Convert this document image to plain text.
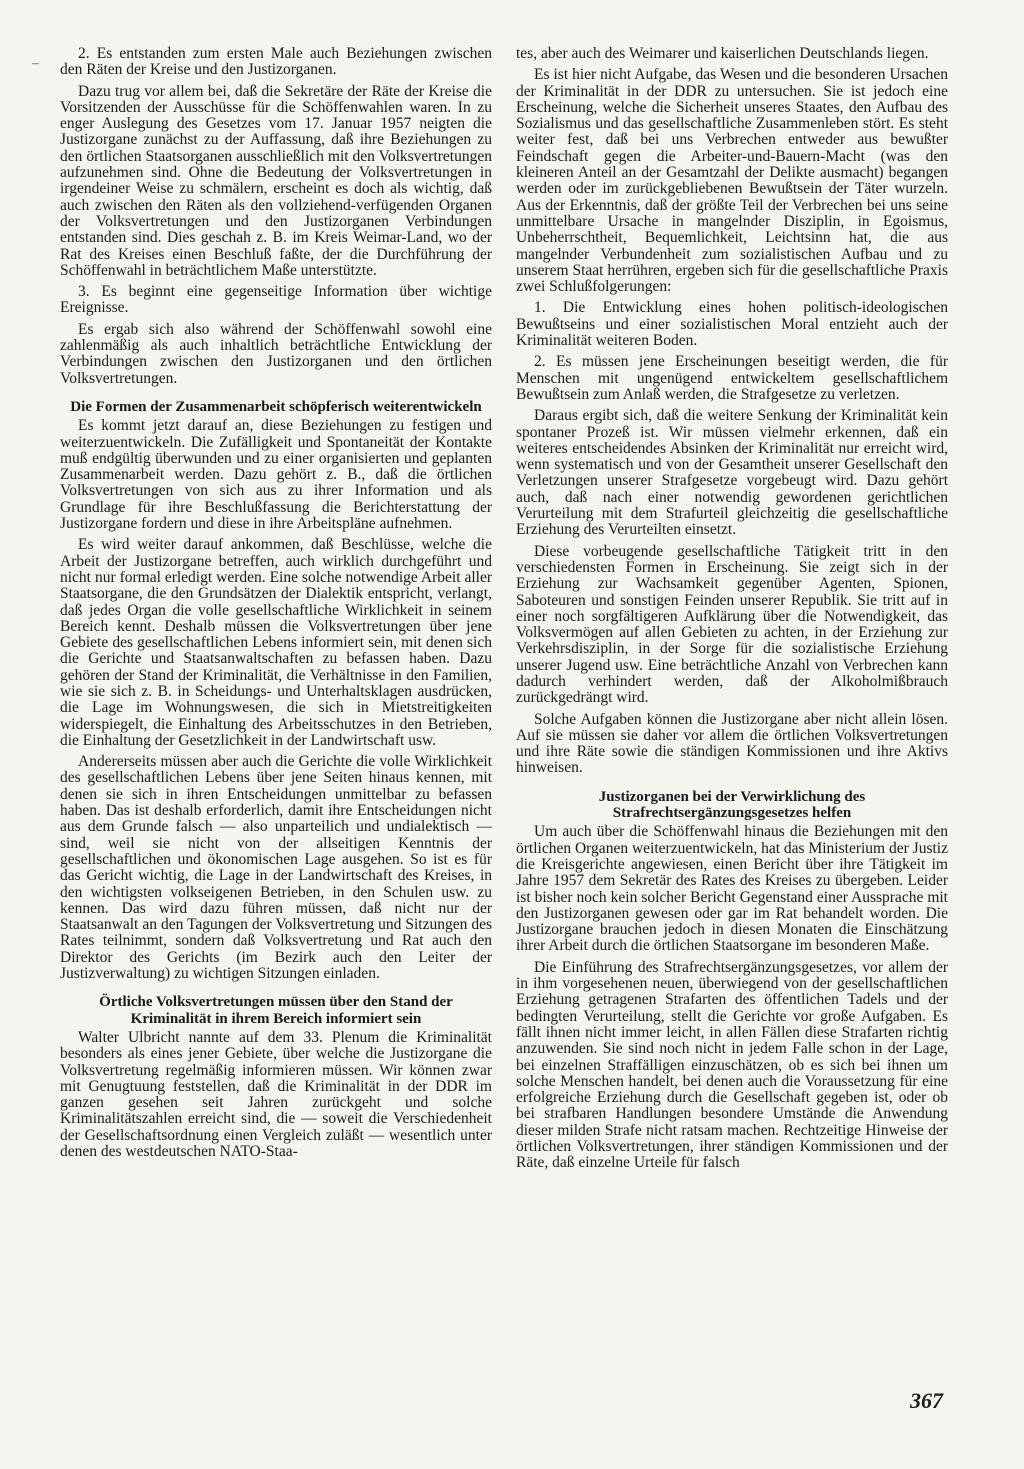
–

2. Es entstanden zum ersten Male auch Beziehungen zwischen den Räten der Kreise und den Justizorganen.

Dazu trug vor allem bei, daß die Sekretäre der Räte der Kreise die Vorsitzenden der Ausschüsse für die Schöffenwahlen waren. In zu enger Auslegung des Gesetzes vom 17. Januar 1957 neigten die Justizorgane zunächst zu der Auffassung, daß ihre Beziehungen zu den örtlichen Staatsorganen ausschließlich mit den Volksvertretungen aufzunehmen sind. Ohne die Bedeutung der Volksvertretungen in irgendeiner Weise zu schmälern, erscheint es doch als wichtig, daß auch zwischen den Räten als den vollziehend-verfügenden Organen der Volksvertretungen und den Justizorganen Verbindungen entstanden sind. Dies geschah z. B. im Kreis Weimar-Land, wo der Rat des Kreises einen Beschluß faßte, der die Durchführung der Schöffenwahl in beträchtlichem Maße unterstützte.

3. Es beginnt eine gegenseitige Information über wichtige Ereignisse.

Es ergab sich also während der Schöffenwahl sowohl eine zahlenmäßig als auch inhaltlich beträchtliche Entwicklung der Verbindungen zwischen den Justizorganen und den örtlichen Volksvertretungen.

Die Formen der Zusammenarbeit schöpferisch weiterentwickeln

Es kommt jetzt darauf an, diese Beziehungen zu festigen und weiterzuentwickeln. Die Zufälligkeit und Spontaneität der Kontakte muß endgültig überwunden und zu einer organisierten und geplanten Zusammenarbeit werden. Dazu gehört z. B., daß die örtlichen Volksvertretungen von sich aus zu ihrer Information und als Grundlage für ihre Beschlußfassung die Berichterstattung der Justizorgane fordern und diese in ihre Arbeitspläne aufnehmen.

Es wird weiter darauf ankommen, daß Beschlüsse, welche die Arbeit der Justizorgane betreffen, auch wirklich durchgeführt und nicht nur formal erledigt werden. Eine solche notwendige Arbeit aller Staatsorgane, die den Grundsätzen der Dialektik entspricht, verlangt, daß jedes Organ die volle gesellschaftliche Wirklichkeit in seinem Bereich kennt. Deshalb müssen die Volksvertretungen über jene Gebiete des gesellschaftlichen Lebens informiert sein, mit denen sich die Gerichte und Staatsanwaltschaften zu befassen haben. Dazu gehören der Stand der Kriminalität, die Verhältnisse in den Familien, wie sie sich z. B. in Scheidungs- und Unterhaltsklagen ausdrücken, die Lage im Wohnungswesen, die sich in Mietstreitigkeiten widerspiegelt, die Einhaltung des Arbeitsschutzes in den Betrieben, die Einhaltung der Gesetzlichkeit in der Landwirtschaft usw.

Andererseits müssen aber auch die Gerichte die volle Wirklichkeit des gesellschaftlichen Lebens über jene Seiten hinaus kennen, mit denen sie sich in ihren Entscheidungen unmittelbar zu befassen haben. Das ist deshalb erforderlich, damit ihre Entscheidungen nicht aus dem Grunde falsch — also unparteilich und undialektisch — sind, weil sie nicht von der allseitigen Kenntnis der gesellschaftlichen und ökonomischen Lage ausgehen. So ist es für das Gericht wichtig, die Lage in der Landwirtschaft des Kreises, in den wichtigsten volkseigenen Betrieben, in den Schulen usw. zu kennen. Das wird dazu führen müssen, daß nicht nur der Staatsanwalt an den Tagungen der Volksvertretung und Sitzungen des Rates teilnimmt, sondern daß Volksvertretung und Rat auch den Direktor des Gerichts (im Bezirk auch den Leiter der Justizverwaltung) zu wichtigen Sitzungen einladen.

Örtliche Volksvertretungen müssen über den Stand der Kriminalität in ihrem Bereich informiert sein

Walter Ulbricht nannte auf dem 33. Plenum die Kriminalität besonders als eines jener Gebiete, über welche die Justizorgane die Volksvertretung regelmäßig informieren müssen. Wir können zwar mit Genugtuung feststellen, daß die Kriminalität in der DDR im ganzen gesehen seit Jahren zurückgeht und solche Kriminalitätszahlen erreicht sind, die — soweit die Verschiedenheit der Gesellschaftsordnung einen Vergleich zuläßt — wesentlich unter denen des westdeutschen NATO-Staa-

tes, aber auch des Weimarer und kaiserlichen Deutschlands liegen.

Es ist hier nicht Aufgabe, das Wesen und die besonderen Ursachen der Kriminalität in der DDR zu untersuchen. Sie ist jedoch eine Erscheinung, welche die Sicherheit unseres Staates, den Aufbau des Sozialismus und das gesellschaftliche Zusammenleben stört. Es steht weiter fest, daß bei uns Verbrechen entweder aus bewußter Feindschaft gegen die Arbeiter-und-Bauern-Macht (was den kleineren Anteil an der Gesamtzahl der Delikte ausmacht) begangen werden oder im zurückgebliebenen Bewußtsein der Täter wurzeln. Aus der Erkenntnis, daß der größte Teil der Verbrechen bei uns seine unmittelbare Ursache in mangelnder Disziplin, in Egoismus, Unbeherrschtheit, Bequemlichkeit, Leichtsinn hat, die aus mangelnder Verbundenheit zum sozialistischen Aufbau und zu unserem Staat herrühren, ergeben sich für die gesellschaftliche Praxis zwei Schlußfolgerungen:

1. Die Entwicklung eines hohen politisch-ideologischen Bewußtseins und einer sozialistischen Moral entzieht auch der Kriminalität weiteren Boden.

2. Es müssen jene Erscheinungen beseitigt werden, die für Menschen mit ungenügend entwickeltem gesellschaftlichem Bewußtsein zum Anlaß werden, die Strafgesetze zu verletzen.

Daraus ergibt sich, daß die weitere Senkung der Kriminalität kein spontaner Prozeß ist. Wir müssen vielmehr erkennen, daß ein weiteres entscheidendes Absinken der Kriminalität nur erreicht wird, wenn systematisch und von der Gesamtheit unserer Gesellschaft den Verletzungen unserer Strafgesetze vorgebeugt wird. Dazu gehört auch, daß nach einer notwendig gewordenen gerichtlichen Verurteilung mit dem Strafurteil gleichzeitig die gesellschaftliche Erziehung des Verurteilten einsetzt.

Diese vorbeugende gesellschaftliche Tätigkeit tritt in den verschiedensten Formen in Erscheinung. Sie zeigt sich in der Erziehung zur Wachsamkeit gegenüber Agenten, Spionen, Saboteuren und sonstigen Feinden unserer Republik. Sie tritt auf in einer noch sorgfältigeren Aufklärung über die Notwendigkeit, das Volksvermögen auf allen Gebieten zu achten, in der Erziehung zur Verkehrsdisziplin, in der Sorge für die sozialistische Erziehung unserer Jugend usw. Eine beträchtliche Anzahl von Verbrechen kann dadurch verhindert werden, daß der Alkoholmißbrauch zurückgedrängt wird.

Solche Aufgaben können die Justizorgane aber nicht allein lösen. Auf sie müssen sie daher vor allem die örtlichen Volksvertretungen und ihre Räte sowie die ständigen Kommissionen und ihre Aktivs hinweisen.

Justizorganen bei der Verwirklichung des Strafrechtsergänzungsgesetzes helfen

Um auch über die Schöffenwahl hinaus die Beziehungen mit den örtlichen Organen weiterzuentwickeln, hat das Ministerium der Justiz die Kreisgerichte angewiesen, einen Bericht über ihre Tätigkeit im Jahre 1957 dem Sekretär des Rates des Kreises zu übergeben. Leider ist bisher noch kein solcher Bericht Gegenstand einer Aussprache mit den Justizorganen gewesen oder gar im Rat behandelt worden. Die Justizorgane brauchen jedoch in diesen Monaten die Einschätzung ihrer Arbeit durch die örtlichen Staatsorgane im besonderen Maße.

Die Einführung des Strafrechtsergänzungsgesetzes, vor allem der in ihm vorgesehenen neuen, überwiegend von der gesellschaftlichen Erziehung getragenen Strafarten des öffentlichen Tadels und der bedingten Verurteilung, stellt die Gerichte vor große Aufgaben. Es fällt ihnen nicht immer leicht, in allen Fällen diese Strafarten richtig anzuwenden. Sie sind noch nicht in jedem Falle schon in der Lage, bei einzelnen Straffälligen einzuschätzen, ob es sich bei ihnen um solche Menschen handelt, bei denen auch die Voraussetzung für eine erfolgreiche Erziehung durch die Gesellschaft gegeben ist, oder ob bei strafbaren Handlungen besondere Umstände die Anwendung dieser milden Strafe nicht ratsam machen. Rechtzeitige Hinweise der örtlichen Volksvertretungen, ihrer ständigen Kommissionen und der Räte, daß einzelne Urteile für falsch

367
